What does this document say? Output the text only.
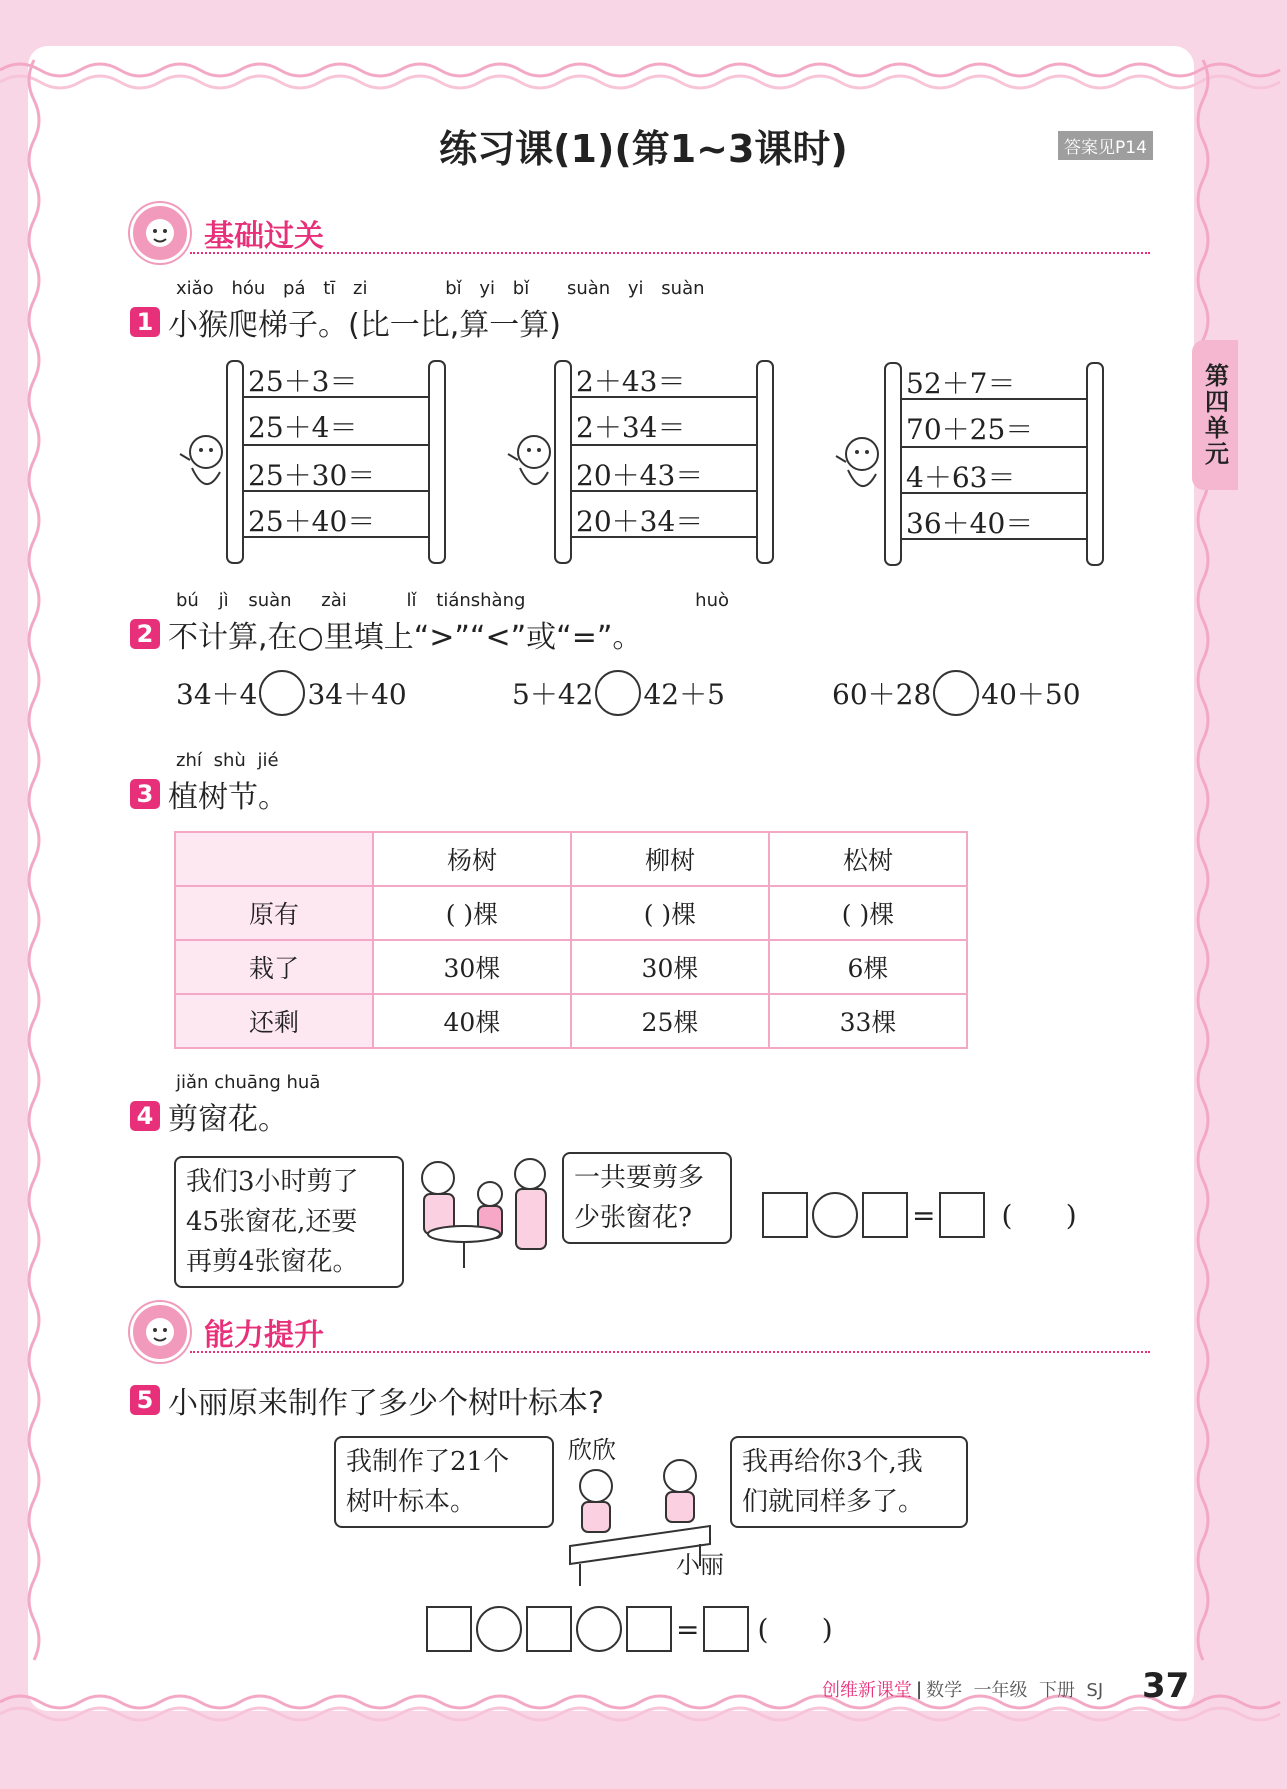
练习课(1)(第1~3课时)	答案见P14
第四单元
基础过关
xiǎo hóu pá tī zi	bǐ yi bǐ suàn yi suàn
1 小猴爬梯子。(比一比,算一算)
25＋3＝
25＋4＝
25＋30＝
25＋40＝
2＋43＝
2＋34＝
20＋43＝
20＋34＝
52＋7＝
70＋25＝
4＋63＝
36＋40＝
bú jì suàn zài	lǐ tiánshàng	huò
2 不计算,在○里填上“>”“<”或“=”。
34＋4 34＋40	5＋42 42＋5	60＋28 40＋50
zhí shù jié
3 植树节。
	杨树	柳树	松树
原有	( )棵	( )棵	( )棵
栽了	30棵	30棵	6棵
还剩	40棵	25棵	33棵
jiǎn chuāng huā
4 剪窗花。
我们3小时剪了
45张窗花,还要
再剪4张窗花。
一共要剪多
少张窗花?	= (      )
能力提升
5 小丽原来制作了多少个树叶标本?
我制作了21个
树叶标本。
欣欣
小丽
我再给你3个,我
们就同样多了。
= (      )
创维新课堂 | 数学  一年级  下册  SJ 37
